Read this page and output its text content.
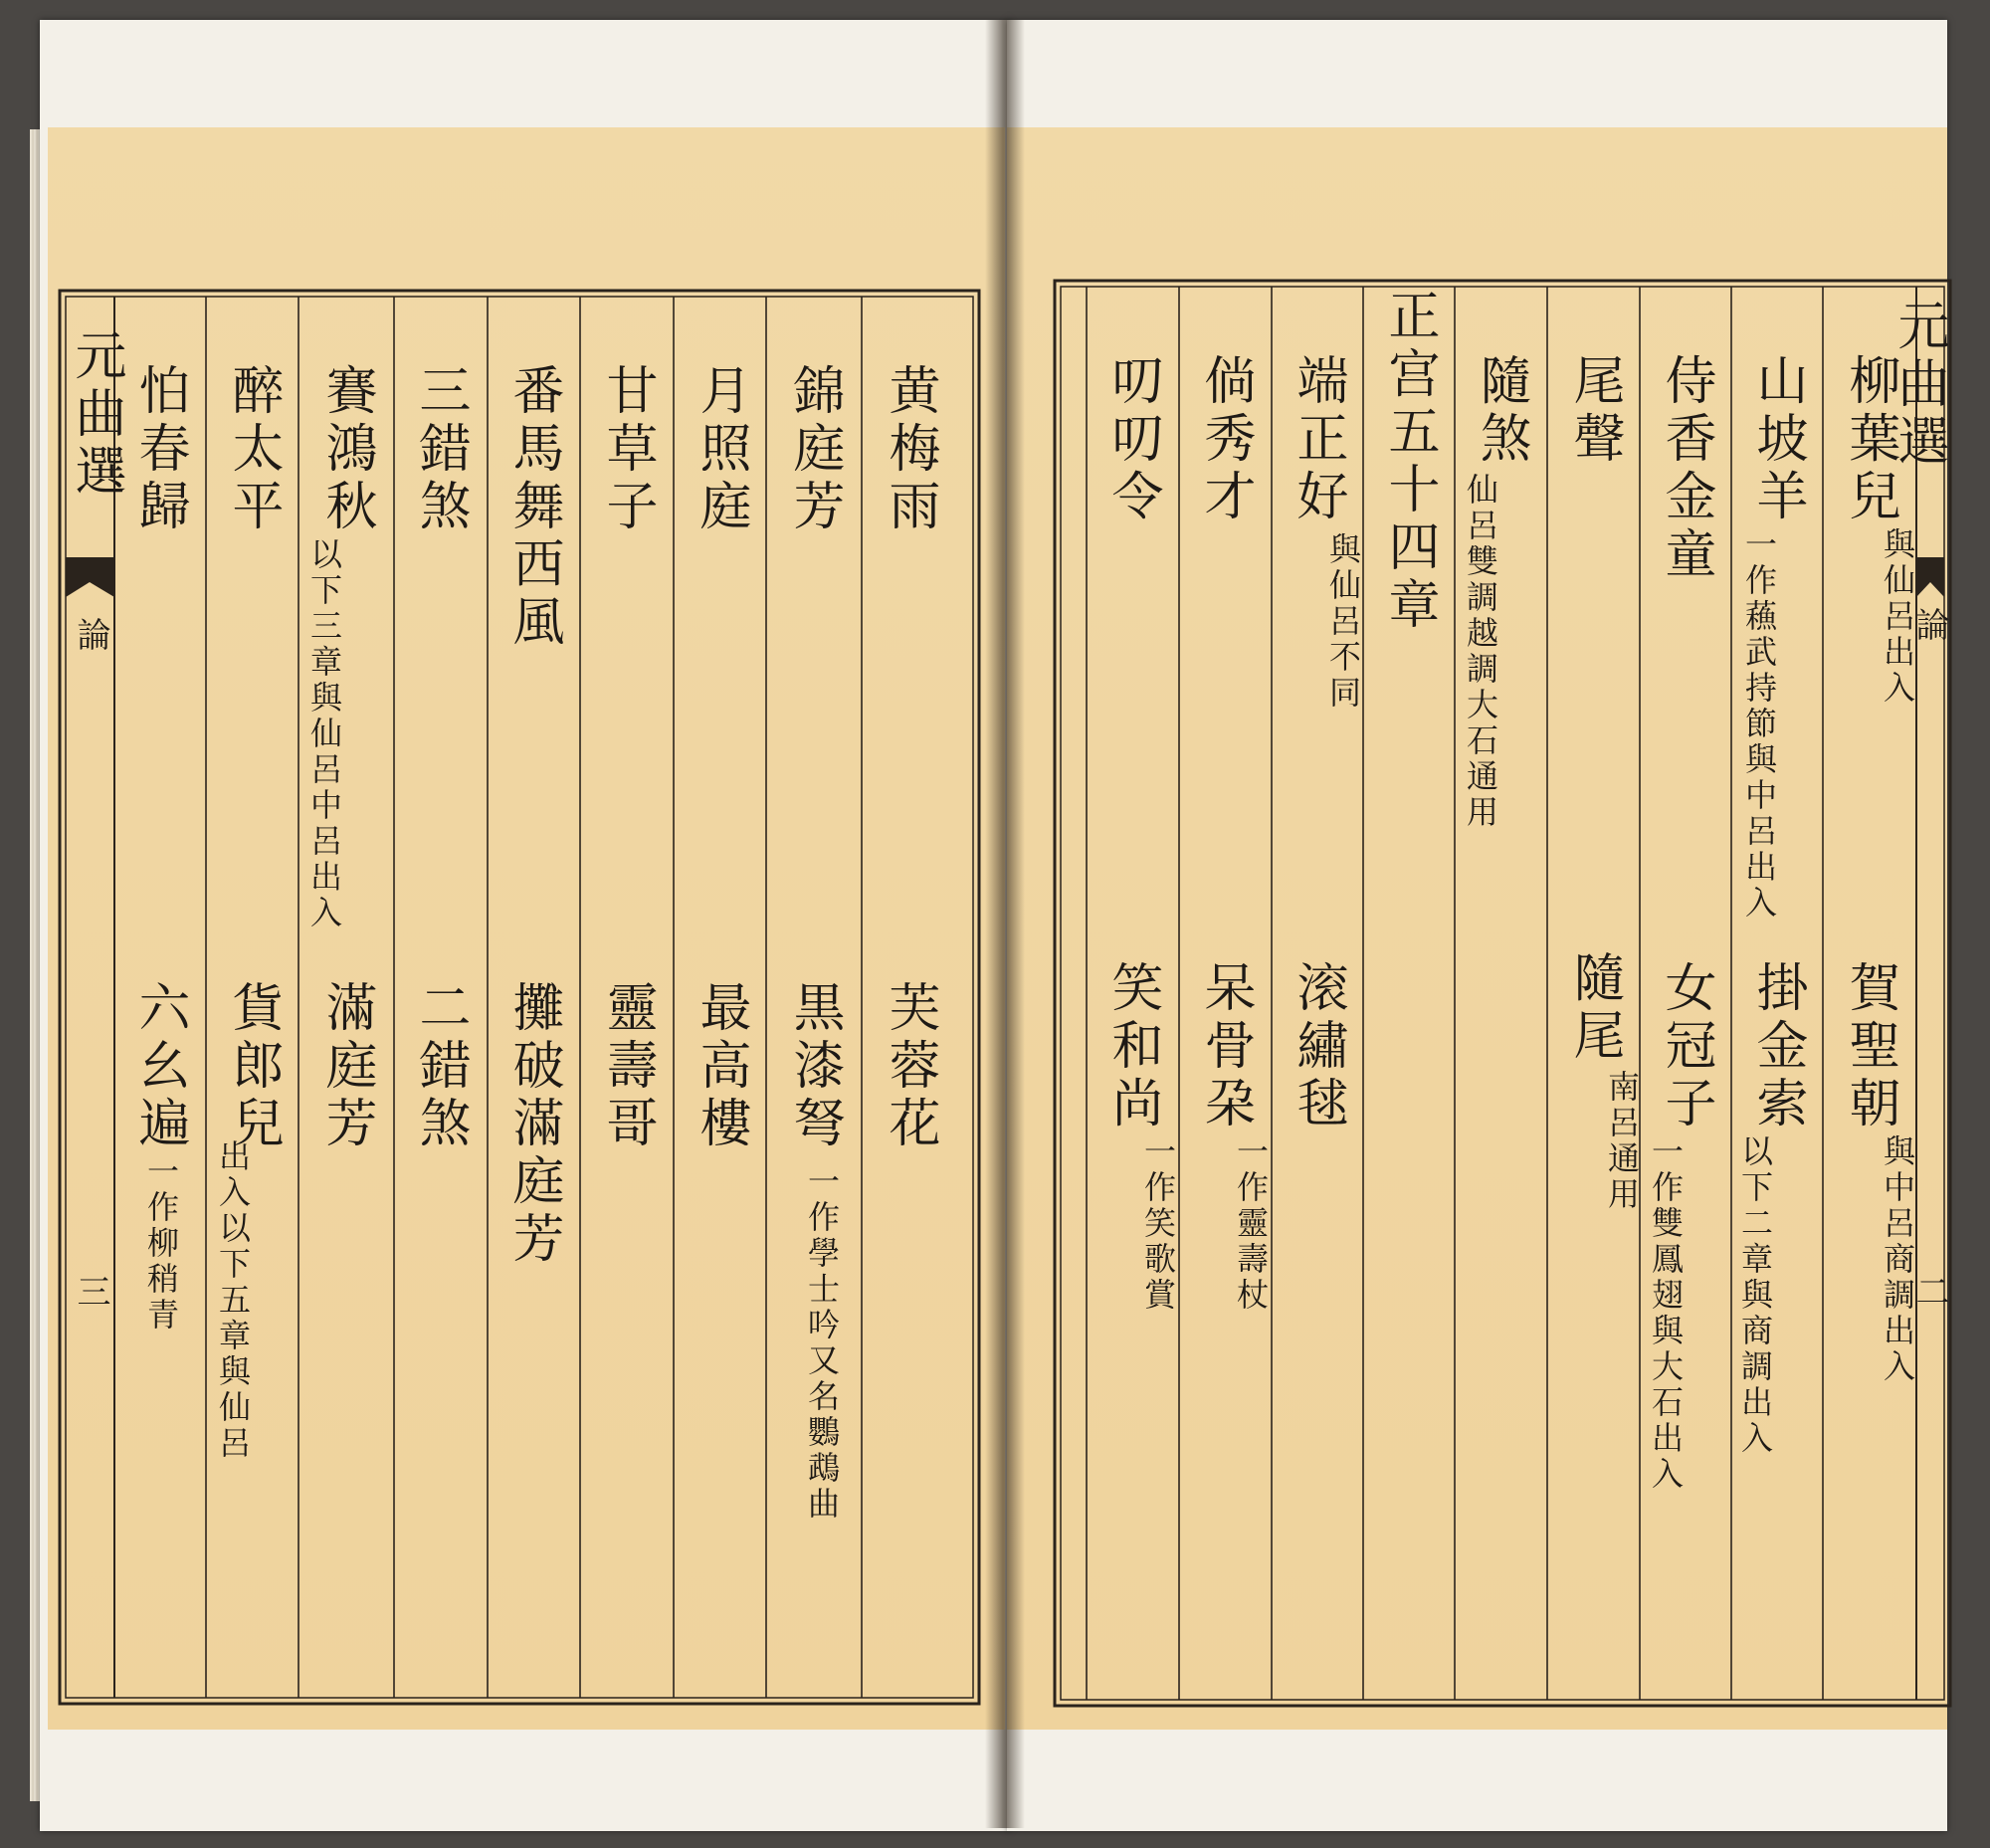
元曲選
論
三
黄梅雨
芙蓉花
錦庭芳
黒漆弩
一作學士吟又名鸚鵡曲
月照庭
最高樓
甘草子
靈壽哥
番馬舞西風
攤破滿庭芳
三錯煞
二錯煞
賽鴻秋
以下三章與仙呂中呂出入
滿庭芳
醉太平
貨郎兒
出入以下五章與仙呂
怕春歸
六幺遍
一作柳稍青
元曲選
論
二
柳葉兒
與仙呂出入
賀聖朝
與中呂商調出入
山坡羊
一作蘓武持節與中呂出入
掛金索
以下二章與商調出入
侍香金童
女冠子
一作雙鳳翅與大石出入
尾聲
隨尾
南呂通用
隨煞
仙呂雙調越調大石通用
正宫五十四章
端正好
與仙呂不同
滚繡毬
倘秀才
呆骨朶
一作靈壽杖
叨叨令
笑和尚
一作笑歌賞
